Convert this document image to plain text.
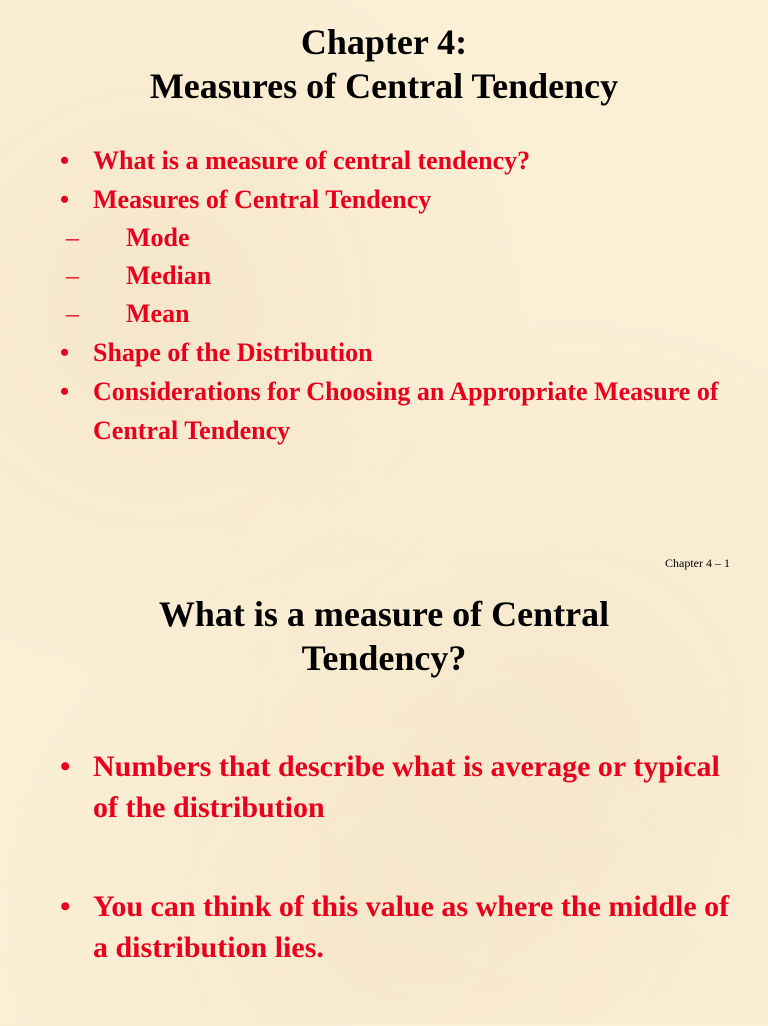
Chapter 4:
Measures of Central Tendency
• What is a measure of central tendency?
• Measures of Central Tendency
– Mode
– Median
– Mean
• Shape of the Distribution
• Considerations for Choosing an Appropriate Measure of Central Tendency
Chapter 4 – 1
What is a measure of Central
Tendency?
• Numbers that describe what is average or typical of the distribution
• You can think of this value as where the middle of a distribution lies.
